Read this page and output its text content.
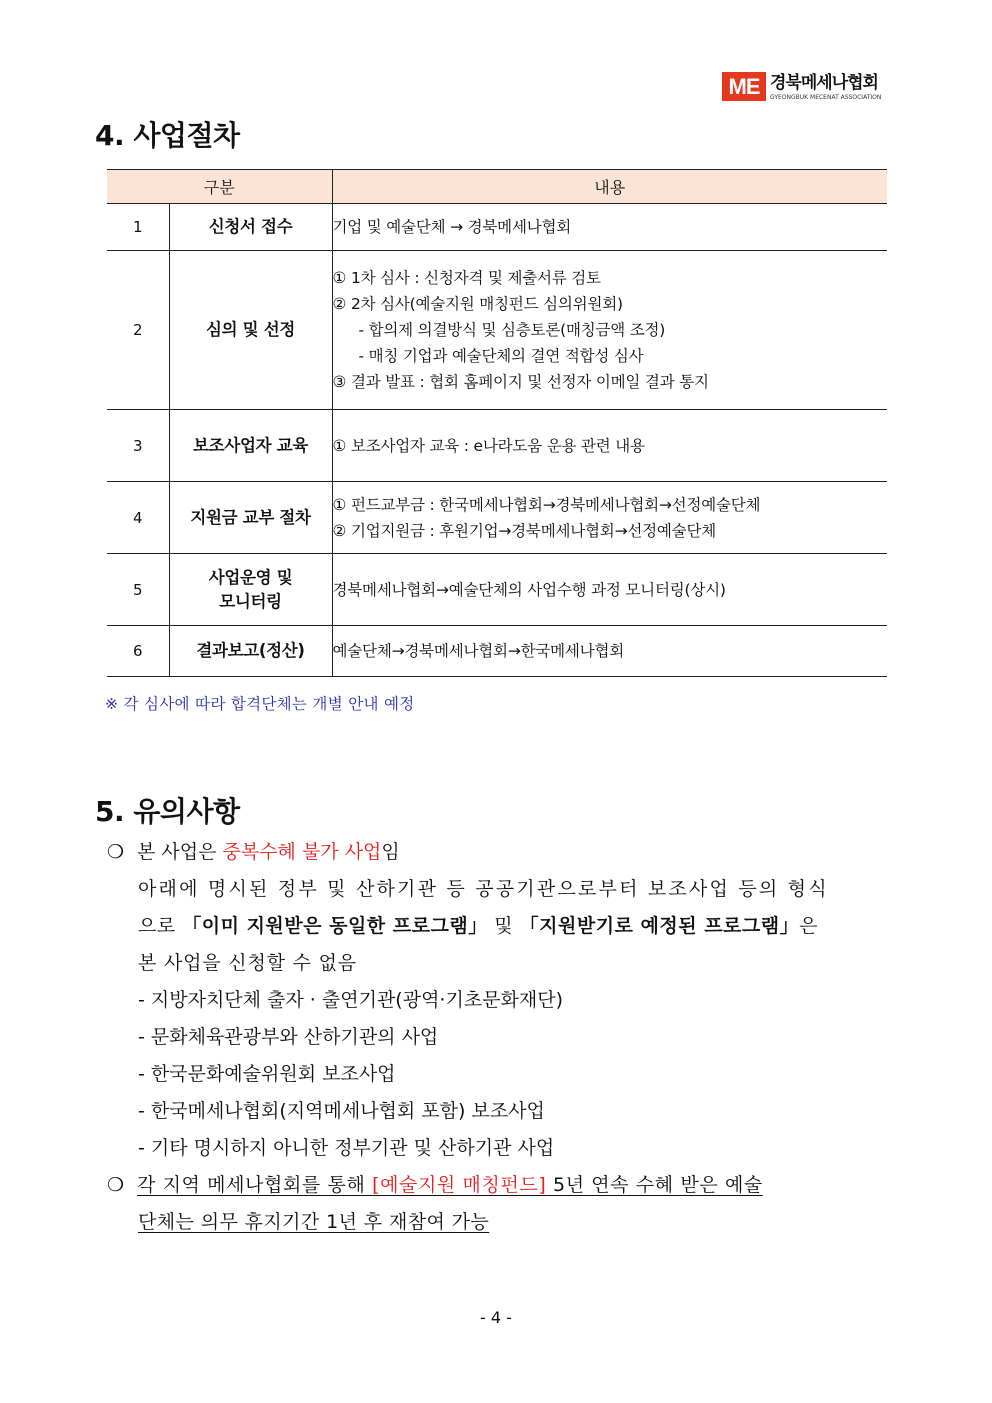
ME 경북메세나협회
GYEONGBUK MECENAT ASSOCIATION
4. 사업절차
구분		내용
1	신청서 접수	기업 및 예술단체 → 경북메세나협회

2	심의 및 선정	① 1차 심사 : 신청자격 및 제출서류 검토
② 2차 심사(예술지원 매칭펀드 심의위원회)
- 합의제 의결방식 및 심층토론(매칭금액 조정)
- 매칭 기업과 예술단체의 결연 적합성 심사
③ 결과 발표 : 협회 홈페이지 및 선정자 이메일 결과 통지

3	보조사업자 교육	① 보조사업자 교육 : e나라도움 운용 관련 내용

4	지원금 교부 절차	① 펀드교부금 : 한국메세나협회→경북메세나협회→선정예술단체
② 기업지원금 : 후원기업→경북메세나협회→선정예술단체

5	사업운영 및
모니터링	경북메세나협회→예술단체의 사업수행 과정 모니터링(상시)

6	결과보고(정산)	예술단체→경북메세나협회→한국메세나협회
※ 각 심사에 따라 합격단체는 개별 안내 예정
5. 유의사항
❍ 본 사업은 중복수혜 불가 사업임
아래에 명시된 정부 및 산하기관 등 공공기관으로부터 보조사업 등의 형식
으로 「이미 지원받은 동일한 프로그램」 및 「지원받기로 예정된 프로그램」은
본 사업을 신청할 수 없음
- 지방자치단체 출자 · 출연기관(광역·기초문화재단)
- 문화체육관광부와 산하기관의 사업
- 한국문화예술위원회 보조사업
- 한국메세나협회(지역메세나협회 포함) 보조사업
- 기타 명시하지 아니한 정부기관 및 산하기관 사업
❍ 각 지역 메세나협회를 통해 [예술지원 매칭펀드] 5년 연속 수혜 받은 예술
단체는 의무 휴지기간 1년 후 재참여 가능
- 4 -
